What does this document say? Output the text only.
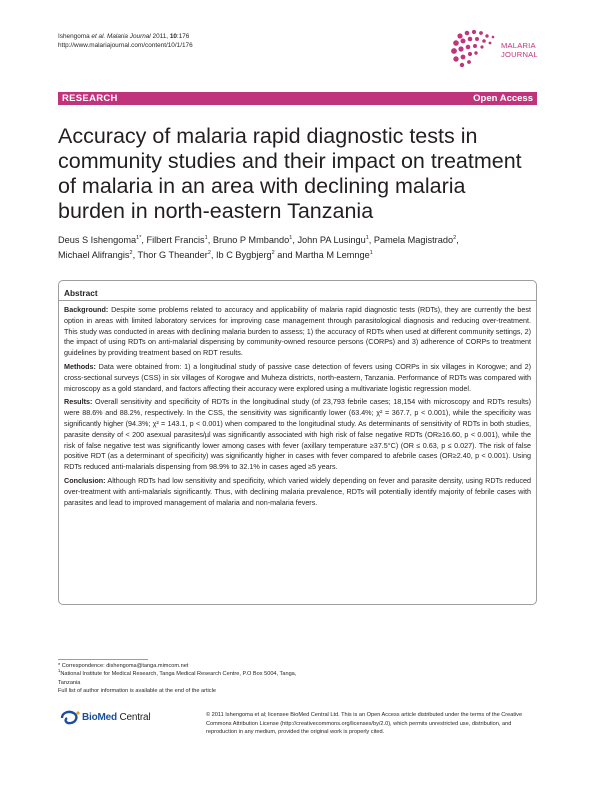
Ishengoma et al. Malaria Journal 2011, 10:176
http://www.malariajournal.com/content/10/1/176	MALARIA
JOURNAL
RESEARCH	Open Access
Accuracy of malaria rapid diagnostic tests in community studies and their impact on treatment of malaria in an area with declining malaria burden in north-eastern Tanzania
Deus S Ishengoma$^{1*}$, Filbert Francis$^1$, Bruno P Mmbando$^1$, John PA Lusingu$^1$, Pamela Magistrado$^2$,
Michael Alifrangis$^2$, Thor G Theander$^2$, Ib C Bygbjerg$^2$ and Martha M Lemnge$^1$
Abstract

Background: Despite some problems related to accuracy and applicability of malaria rapid diagnostic tests (RDTs), they are currently the best option in areas with limited laboratory services for improving case management through parasitological diagnosis and reducing over-treatment. This study was conducted in areas with declining malaria burden to assess; 1) the accuracy of RDTs when used at different community settings, 2) the impact of using RDTs on anti-malarial dispensing by community-owned resource persons (CORPs) and 3) adherence of CORPs to treatment guidelines by providing treatment based on RDT results.

Methods: Data were obtained from: 1) a longitudinal study of passive case detection of fevers using CORPs in six villages in Korogwe; and 2) cross-sectional surveys (CSS) in six villages of Korogwe and Muheza districts, north-eastern, Tanzania. Performance of RDTs was compared with microscopy as a gold standard, and factors affecting their accuracy were explored using a multivariate logistic regression model.

Results: Overall sensitivity and specificity of RDTs in the longitudinal study (of 23,793 febrile cases; 18,154 with microscopy and RDTs results) were 88.6% and 88.2%, respectively. In the CSS, the sensitivity was significantly lower (63.4%; χ² = 367.7, p < 0.001), while the specificity was significantly higher (94.3%; χ² = 143.1, p < 0.001) when compared to the longitudinal study. As determinants of sensitivity of RDTs in both studies, parasite density of < 200 asexual parasites/µl was significantly associated with high risk of false negative RDTs (OR≥16.60, p < 0.001), while the risk of false negative test was significantly lower among cases with fever (axillary temperature ≥37.5°C) (OR ≤ 0.63, p ≤ 0.027). The risk of false positive RDT (as a determinant of specificity) was significantly higher in cases with fever compared to afebrile cases (OR≥2.40, p < 0.001). Using RDTs reduced anti-malarials dispensing from 98.9% to 32.1% in cases aged ≥5 years.

Conclusion: Although RDTs had low sensitivity and specificity, which varied widely depending on fever and parasite density, using RDTs reduced over-treatment with anti-malarials significantly. Thus, with declining malaria prevalence, RDTs will potentially identify majority of febrile cases with parasites and lead to improved management of malaria and non-malaria fevers.

* Correspondence: dishengoma@tanga.mimcom.net
$^1$National Institute for Medical Research, Tanga Medical Research Centre, P.O Box 5004, Tanga, Tanzania
Full list of author information is available at the end of the article
BioMed Central	© 2011 Ishengoma et al; licensee BioMed Central Ltd. This is an Open Access article distributed under the terms of the Creative Commons Attribution License (http://creativecommons.org/licenses/by/2.0), which permits unrestricted use, distribution, and reproduction in any medium, provided the original work is properly cited.
